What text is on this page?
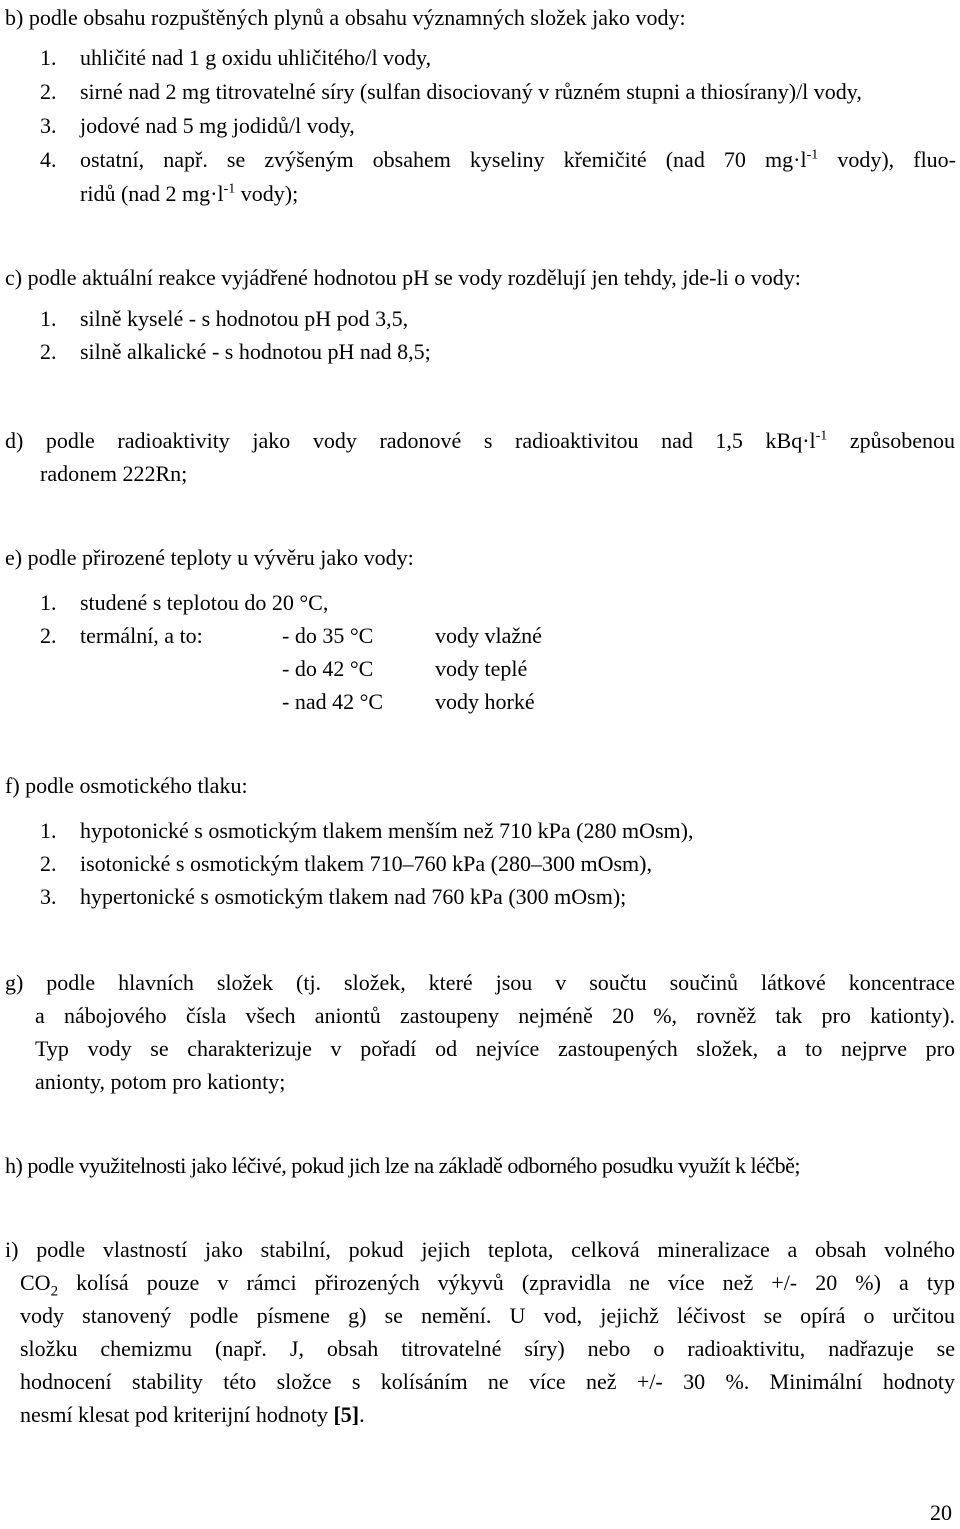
b) podle obsahu rozpuštěných plynů a obsahu významných složek jako vody:
1. uhličité nad 1 g oxidu uhličitého/l vody,
2. sirné nad 2 mg titrovatelné síry (sulfan disociovaný v různém stupni a thiosírany)/l vody,
3. jodové nad 5 mg jodidů/l vody,
4. ostatní, např. se zvýšeným obsahem kyseliny křemičité (nad 70 $mg\cdot l^{-1}$ vody), fluo-
ridů (nad 2 $mg\cdot l^{-1}$ vody);
c) podle aktuální reakce vyjádřené hodnotou pH se vody rozdělují jen tehdy, jde-li o vody:
1. silně kyselé - s hodnotou pH pod 3,5,
2. silně alkalické - s hodnotou pH nad 8,5;
d) podle radioaktivity jako vody radonové s radioaktivitou nad 1,5 $kBq\cdot l^{-1}$ způsobenou
radonem 222Rn;
e) podle přirozené teploty u vývěru jako vody:
1. studené s teplotou do 20 °C,
2. termální, a to:	- do 35 °C	vody vlažné
- do 42 °C	vody teplé
- nad 42 °C vody horké
f) podle osmotického tlaku:
1. hypotonické s osmotickým tlakem menším než 710 kPa (280 mOsm),
2. isotonické s osmotickým tlakem 710–760 kPa (280–300 mOsm),
3. hypertonické s osmotickým tlakem nad 760 kPa (300 mOsm);
g) podle hlavních složek (tj. složek, které jsou v součtu součinů látkové koncentrace
a nábojového čísla všech aniontů zastoupeny nejméně 20 %, rovněž tak pro kationty).
Typ vody se charakterizuje v pořadí od nejvíce zastoupených složek, a to nejprve pro
anionty, potom pro kationty;
h) podle využitelnosti jako léčivé, pokud jich lze na základě odborného posudku využít k léčbě;
i) podle vlastností jako stabilní, pokud jejich teplota, celková mineralizace a obsah volného
$CO_2$ kolísá pouze v rámci přirozených výkyvů (zpravidla ne více než +/- 20 %) a typ
vody stanovený podle písmene g) se nemění. U vod, jejichž léčivost se opírá o určitou
složku chemizmu (např. J, obsah titrovatelné síry) nebo o radioaktivitu, nadřazuje se
hodnocení stability této složce s kolísáním ne více než +/- 30 %. Minimální hodnoty
nesmí klesat pod kriterijní hodnoty [5].
20
